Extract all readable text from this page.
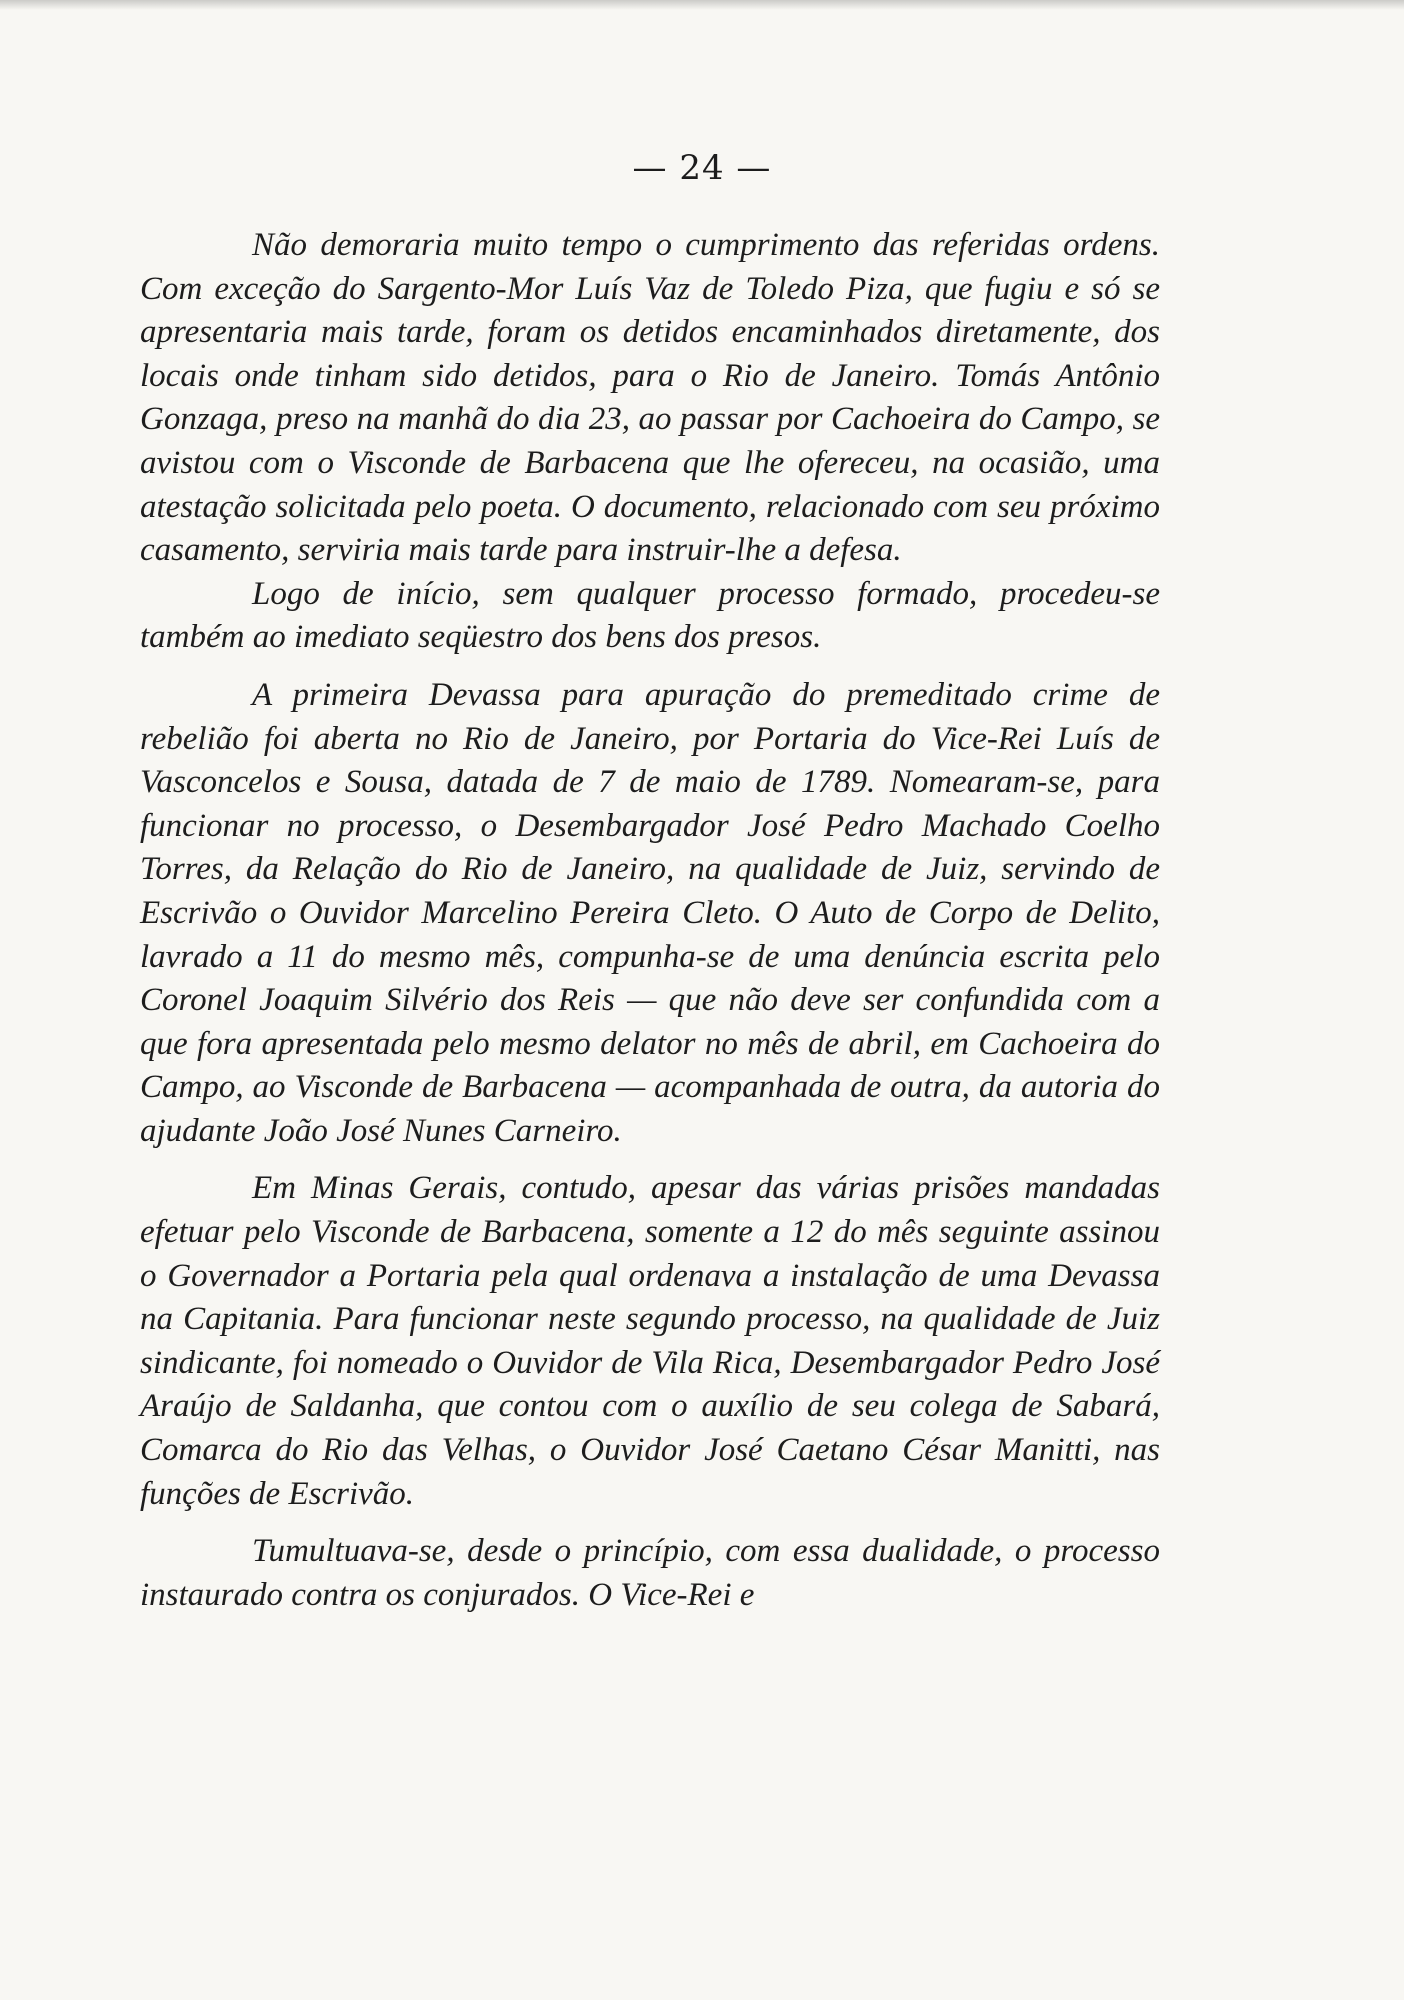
— 24 —

Não demoraria muito tempo o cumprimento das referidas ordens. Com exceção do Sargento-Mor Luís Vaz de Toledo Piza, que fugiu e só se apresentaria mais tarde, foram os detidos encaminhados diretamente, dos locais onde tinham sido detidos, para o Rio de Janeiro. Tomás Antônio Gonzaga, preso na manhã do dia 23, ao passar por Cachoeira do Campo, se avistou com o Visconde de Barbacena que lhe ofereceu, na ocasião, uma atestação solicitada pelo poeta. O documento, relacionado com seu próximo casamento, serviria mais tarde para instruir-lhe a defesa.

Logo de início, sem qualquer processo formado, procedeu-se também ao imediato seqüestro dos bens dos presos.

A primeira Devassa para apuração do premeditado crime de rebelião foi aberta no Rio de Janeiro, por Portaria do Vice-Rei Luís de Vasconcelos e Sousa, datada de 7 de maio de 1789. Nomearam-se, para funcionar no processo, o Desembargador José Pedro Machado Coelho Torres, da Relação do Rio de Janeiro, na qualidade de Juiz, servindo de Escrivão o Ouvidor Marcelino Pereira Cleto. O Auto de Corpo de Delito, lavrado a 11 do mesmo mês, compunha-se de uma denúncia escrita pelo Coronel Joaquim Silvério dos Reis — que não deve ser confundida com a que fora apresentada pelo mesmo delator no mês de abril, em Cachoeira do Campo, ao Visconde de Barbacena — acompanhada de outra, da autoria do ajudante João José Nunes Carneiro.

Em Minas Gerais, contudo, apesar das várias prisões mandadas efetuar pelo Visconde de Barbacena, somente a 12 do mês seguinte assinou o Governador a Portaria pela qual ordenava a instalação de uma Devassa na Capitania. Para funcionar neste segundo processo, na qualidade de Juiz sindicante, foi nomeado o Ouvidor de Vila Rica, Desembargador Pedro José Araújo de Saldanha, que contou com o auxílio de seu colega de Sabará, Comarca do Rio das Velhas, o Ouvidor José Caetano César Manitti, nas funções de Escrivão.

Tumultuava-se, desde o princípio, com essa dualidade, o processo instaurado contra os conjurados. O Vice-Rei e
